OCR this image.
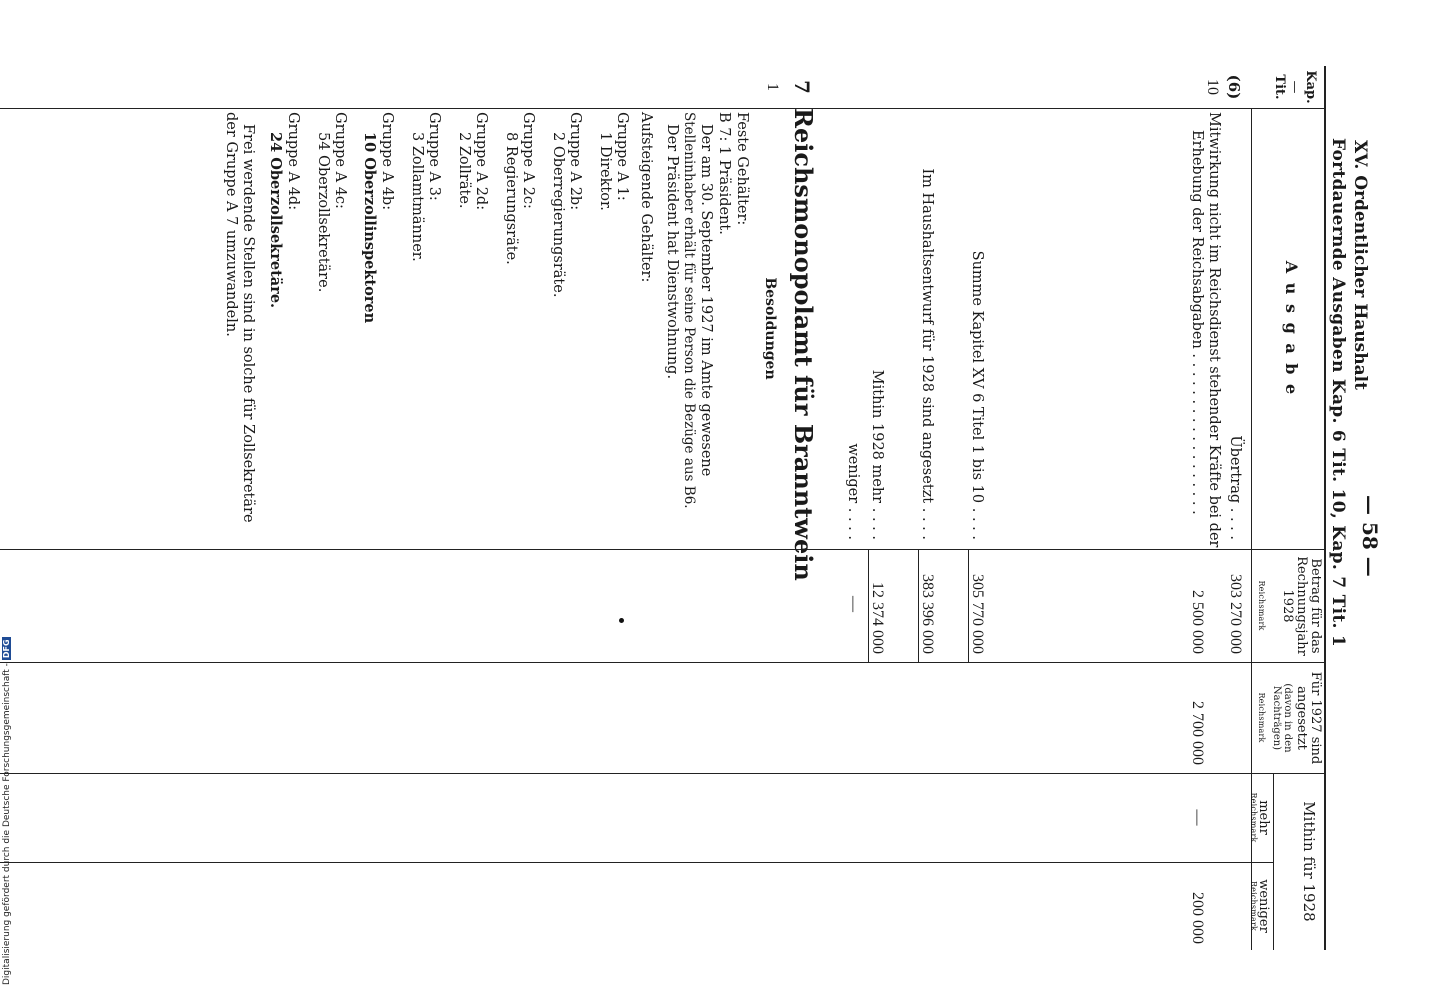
XV. Ordentlicher Haushalt
— 58 —
Fortdauernde Ausgaben Kap. 6 Tit. 10, Kap. 7 Tit. 1
Kap.
—
Tit.
A u s g a b e
Betrag für das Rechnungsjahr 1928
Reichsmark
Für 1927 sind angesetzt
(davon in den Nachträgen)
Reichsmark
Mithin für 1928
mehr
Reichsmark
weniger
Reichsmark
(6)
10
Übertrag . . . .
303 270 000
Mitwirkung nicht im Reichsdienst stehender Kräfte bei der
Erhebung der Reichsabgaben . . . . . . . . . . . . . . . . . .
2 500 000
2 700 000
—
200 000
Summe Kapitel XV 6 Titel 1 bis 10 . . . .
305 770 000
Im Haushaltsentwurf für 1928 sind angesetzt . . . .
383 396 000
Mithin 1928 mehr . . . .
12 374 000
weniger . . . .
—
7
1
Reichsmonopolamt für Branntwein
Besoldungen
Feste Gehälter:
B 7: 1 Präsident.
Der am 30. September 1927 im Amte gewesene
Stelleninhaber erhält für seine Person die Bezüge aus B6.
Der Präsident hat Dienstwohnung.
Aufsteigende Gehälter:
Gruppe A 1:
1 Direktor.
Gruppe A 2b:
2 Oberregierungsräte.
Gruppe A 2c:
8 Regierungsräte.
Gruppe A 2d:
2 Zollräte.
Gruppe A 3:
3 Zollamtmänner.
Gruppe A 4b:
10 Oberzollinspektoren
Gruppe A 4c:
54 Oberzollsekretäre.
Gruppe A 4d:
24 Oberzollsekretäre.
Frei werdende Stellen sind in solche für Zollsekretäre
der Gruppe A 7 umzuwandeln.
Digitalisierung gefördert durch die Deutsche Forschungsgemeinschaft -DFG
